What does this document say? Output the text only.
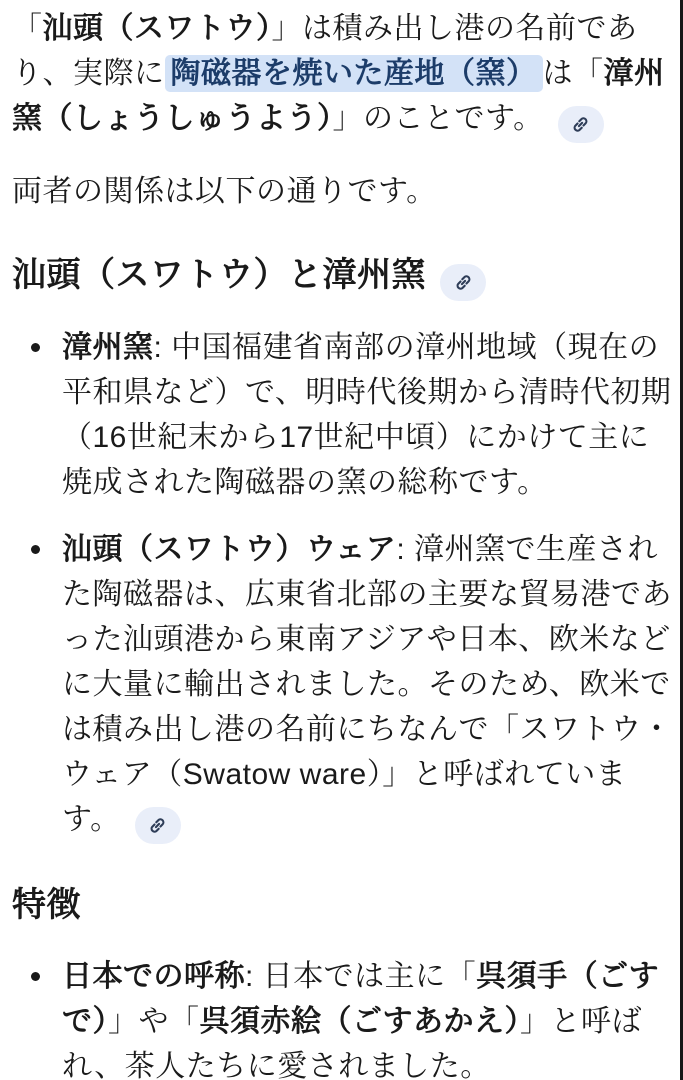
「汕頭（スワトウ）」は積み出し港の名前であり、実際に 陶磁器を焼いた産地（窯） は「漳州窯（しょうしゅうよう）」のことです。

両者の関係は以下の通りです。

汕頭（スワトウ）と漳州窯
漳州窯: 中国福建省南部の漳州地域（現在の平和県など）で、明時代後期から清時代初期（16世紀末から17世紀中頃）にかけて主に焼成された陶磁器の窯の総称です。
汕頭（スワトウ）ウェア: 漳州窯で生産された陶磁器は、広東省北部の主要な貿易港であった汕頭港から東南アジアや日本、欧米などに大量に輸出されました。そのため、欧米では積み出し港の名前にちなんで「スワトウ・ウェア（Swatow ware）」と呼ばれています。
特徴
日本での呼称: 日本では主に「呉須手（ごすで）」や「呉須赤絵（ごすあかえ）」と呼ばれ、茶人たちに愛されました。
